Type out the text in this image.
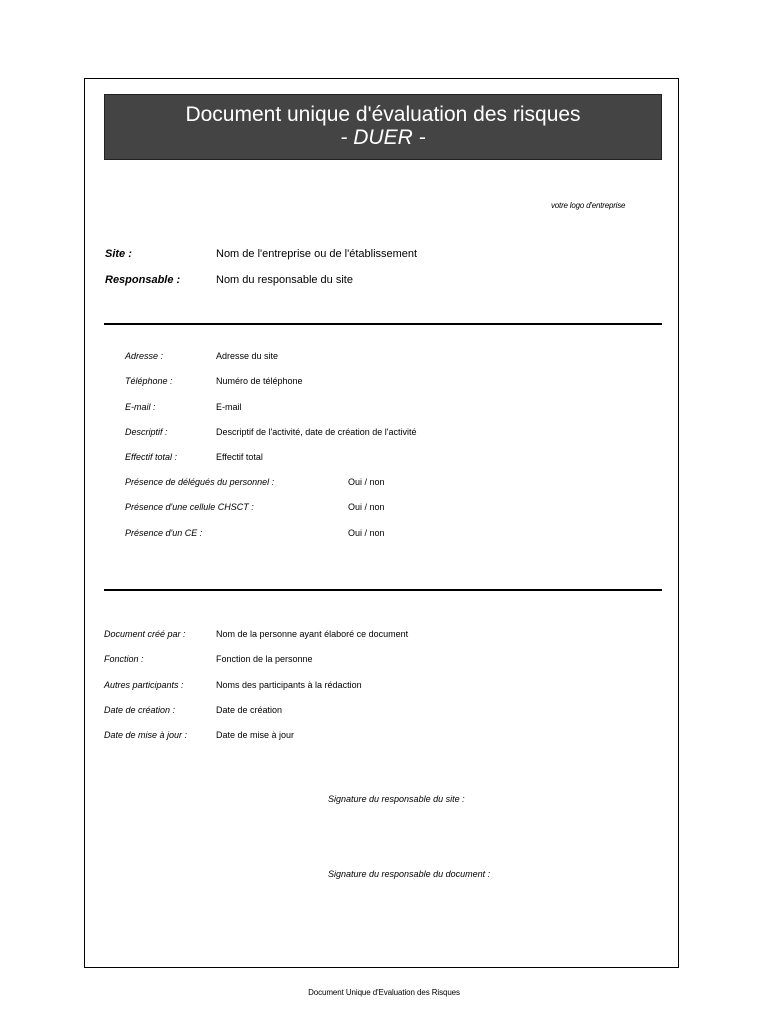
Document unique d'évaluation des risques
- DUER -
votre logo d'entreprise
Site :	Nom de l'entreprise ou de l'établissement
Responsable :	Nom du responsable du site
Adresse :	Adresse du site
Téléphone :	Numéro de téléphone
E-mail :	E-mail
Descriptif :	Descriptif de l'activité, date de création de l'activité
Effectif total :	Effectif total
Présence de délégués du personnel :	Oui / non
Présence d'une cellule CHSCT :	Oui / non
Présence d'un CE :	Oui / non
Document créé par :	Nom de la personne ayant élaboré ce document
Fonction :	Fonction de la personne
Autres participants :	Noms des participants à la rédaction
Date de création :	Date de création
Date de mise à jour :	Date de mise à jour
Signature du responsable du site :
Signature du responsable du document :
Document Unique d'Evaluation des Risques
